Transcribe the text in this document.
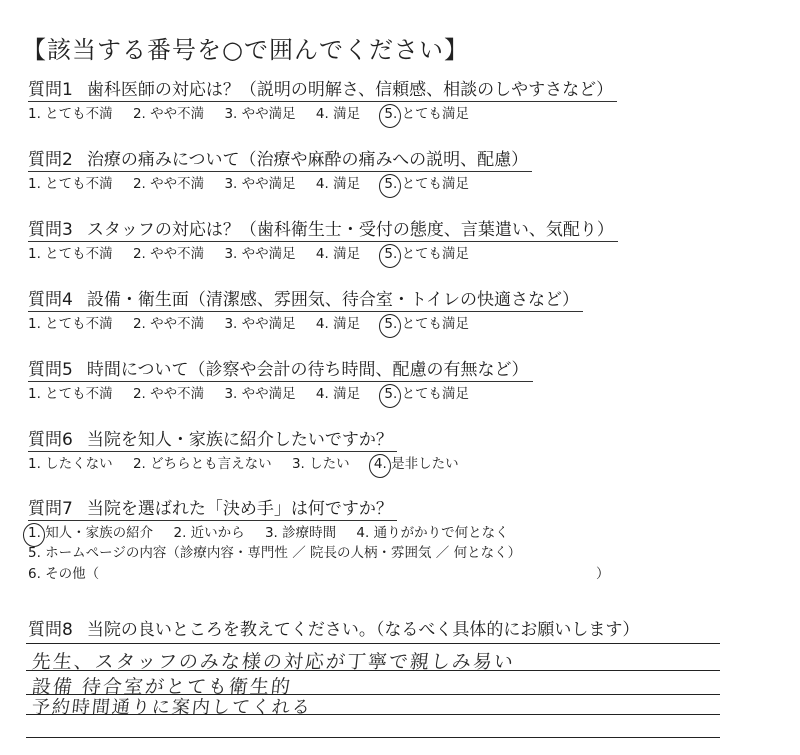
【該当する番号を○で囲んでください】
質問1 歯科医師の対応は？（説明の明解さ、信頼感、相談のしやすさなど）
1. とても不満 2. やや不満 3. やや満足 4. 満足 5. とても満足
質問2 治療の痛みについて（治療や麻酔の痛みへの説明、配慮）
1. とても不満 2. やや不満 3. やや満足 4. 満足 5. とても満足
質問3 スタッフの対応は？（歯科衛生士・受付の態度、言葉遣い、気配り）
1. とても不満 2. やや不満 3. やや満足 4. 満足 5. とても満足
質問4 設備・衛生面（清潔感、雰囲気、待合室・トイレの快適さなど）
1. とても不満 2. やや不満 3. やや満足 4. 満足 5. とても満足
質問5 時間について（診察や会計の待ち時間、配慮の有無など）
1. とても不満 2. やや不満 3. やや満足 4. 満足 5. とても満足
質問6 当院を知人・家族に紹介したいですか？
1. したくない 2. どちらとも言えない 3. したい 4. 是非したい
質問7 当院を選ばれた「決め手」は何ですか？
1. 知人・家族の紹介 2. 近いから 3. 診療時間 4. 通りがかりで何となく
5. ホームページの内容（診療内容・専門性 ／ 院長の人柄・雰囲気 ／ 何となく）
6. その他（	）
質問8 当院の良いところを教えてください。（なるべく具体的にお願いします）
先生、スタッフのみな様の対応が丁寧で親しみ易い
設備 待合室がとても衛生的
予約時間通りに案内してくれる
